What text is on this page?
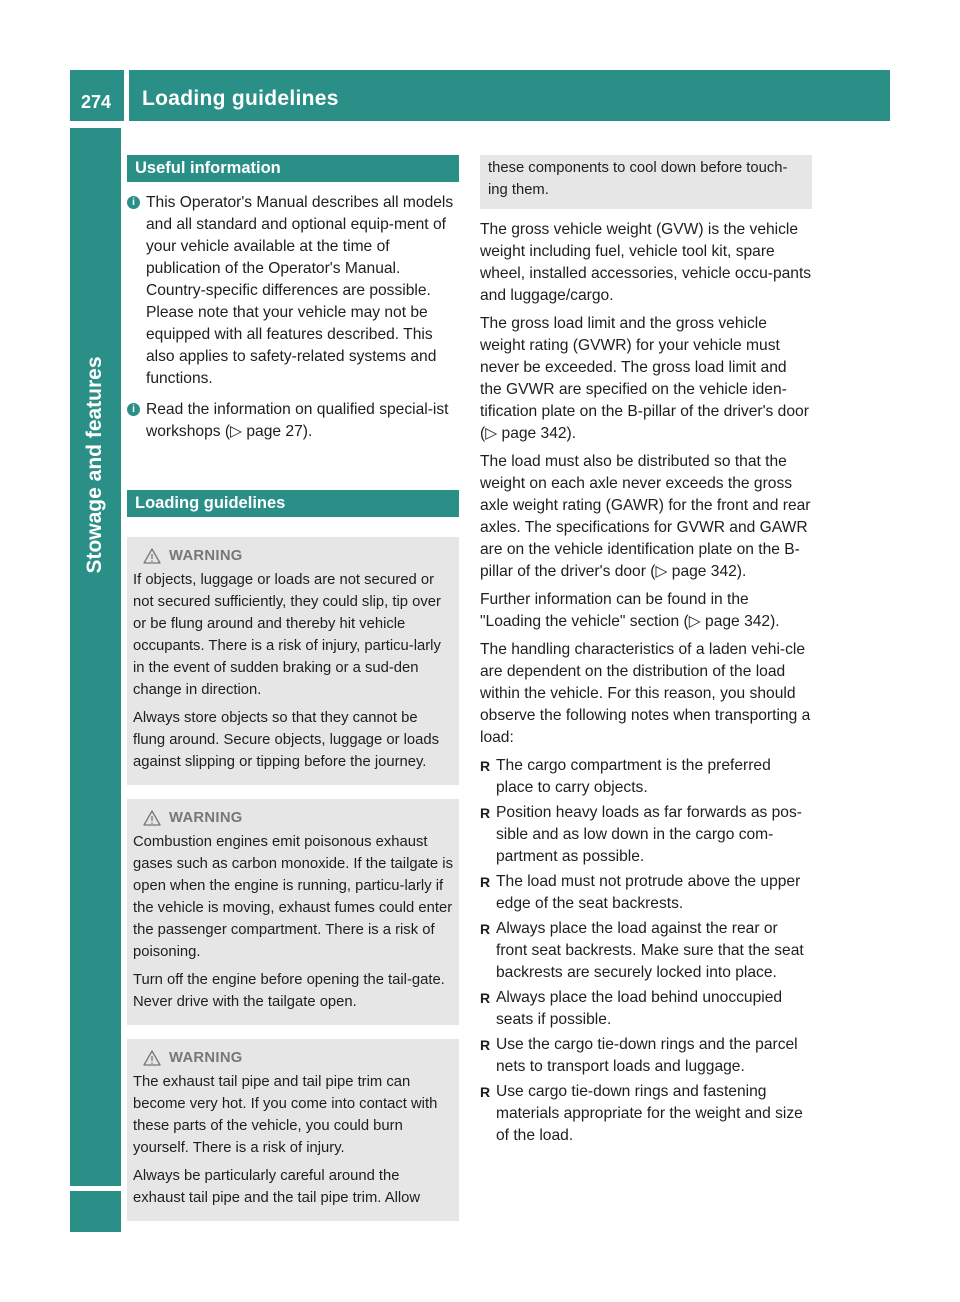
274	Loading guidelines
Stowage and features
Useful information
i This Operator's Manual describes all models and all standard and optional equip-ment of your vehicle available at the time of publication of the Operator's Manual. Country-specific differences are possible. Please note that your vehicle may not be equipped with all features described. This also applies to safety-related systems and functions.
i Read the information on qualified special-ist workshops (▷ page 27).
Loading guidelines
WARNING

If objects, luggage or loads are not secured or not secured sufficiently, they could slip, tip over or be flung around and thereby hit vehicle occupants. There is a risk of injury, particu-larly in the event of sudden braking or a sud-den change in direction.

Always store objects so that they cannot be flung around. Secure objects, luggage or loads against slipping or tipping before the journey.

WARNING

Combustion engines emit poisonous exhaust gases such as carbon monoxide. If the tailgate is open when the engine is running, particu-larly if the vehicle is moving, exhaust fumes could enter the passenger compartment. There is a risk of poisoning.

Turn off the engine before opening the tail-gate. Never drive with the tailgate open.

WARNING

The exhaust tail pipe and tail pipe trim can become very hot. If you come into contact with these parts of the vehicle, you could burn yourself. There is a risk of injury.

Always be particularly careful around the exhaust tail pipe and the tail pipe trim. Allow

these components to cool down before touch-ing them.

The gross vehicle weight (GVW) is the vehicle weight including fuel, vehicle tool kit, spare wheel, installed accessories, vehicle occu-pants and luggage/cargo.

The gross load limit and the gross vehicle weight rating (GVWR) for your vehicle must never be exceeded. The gross load limit and the GVWR are specified on the vehicle iden-tification plate on the B-pillar of the driver's door (▷ page 342).

The load must also be distributed so that the weight on each axle never exceeds the gross axle weight rating (GAWR) for the front and rear axles. The specifications for GVWR and GAWR are on the vehicle identification plate on the B-pillar of the driver's door (▷ page 342).

Further information can be found in the "Loading the vehicle" section (▷ page 342).

The handling characteristics of a laden vehi-cle are dependent on the distribution of the load within the vehicle. For this reason, you should observe the following notes when transporting a load:

R The cargo compartment is the preferred place to carry objects.
R Position heavy loads as far forwards as pos-sible and as low down in the cargo com-partment as possible.
R The load must not protrude above the upper edge of the seat backrests.
R Always place the load against the rear or front seat backrests. Make sure that the seat backrests are securely locked into place.
R Always place the load behind unoccupied seats if possible.
R Use the cargo tie-down rings and the parcel nets to transport loads and luggage.
R Use cargo tie-down rings and fastening materials appropriate for the weight and size of the load.
